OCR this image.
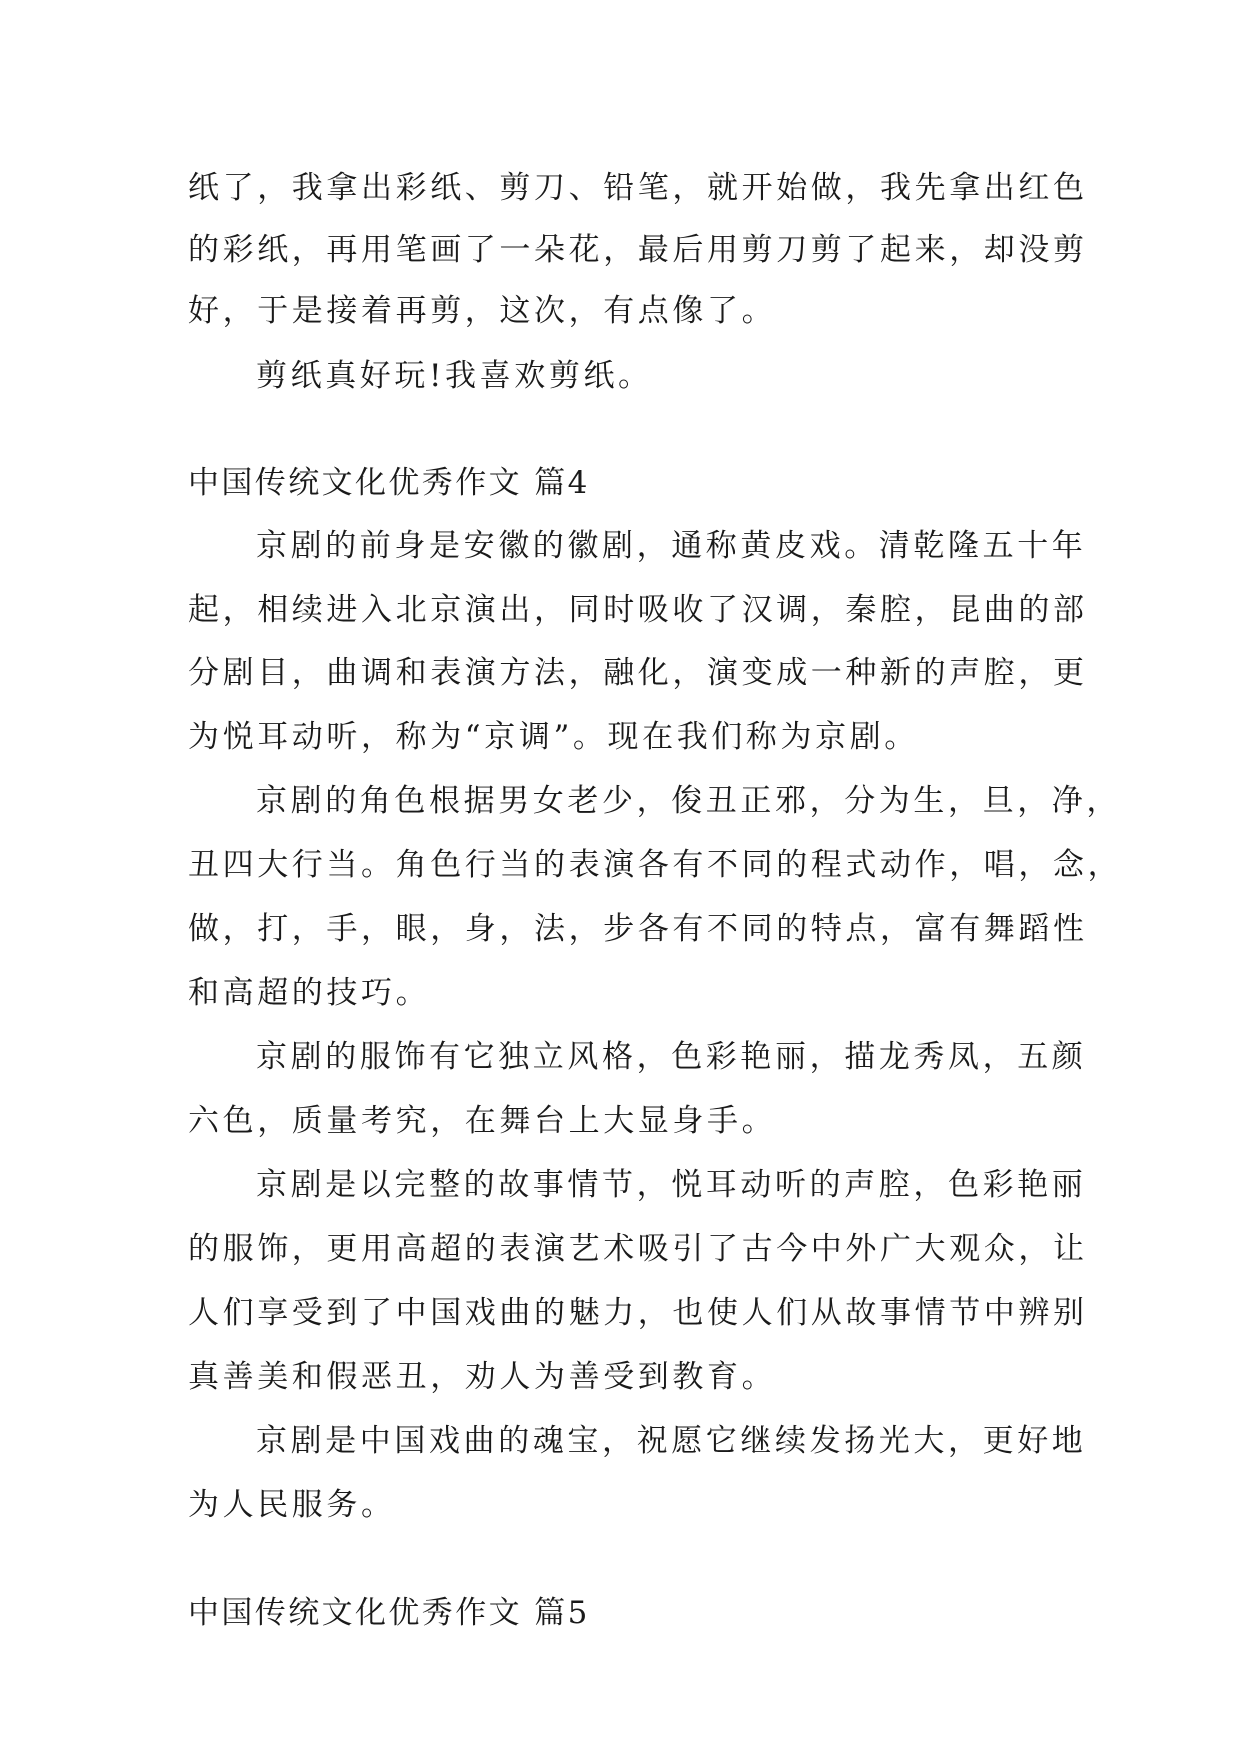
纸了，我拿出彩纸、剪刀、铅笔，就开始做，我先拿出红色
的彩纸，再用笔画了一朵花，最后用剪刀剪了起来，却没剪
好，于是接着再剪，这次，有点像了。
剪纸真好玩!我喜欢剪纸。
中国传统文化优秀作文 篇4
京剧的前身是安徽的徽剧，通称黄皮戏。清乾隆五十年
起，相续进入北京演出，同时吸收了汉调，秦腔，昆曲的部
分剧目，曲调和表演方法，融化，演变成一种新的声腔，更
为悦耳动听，称为“京调”。现在我们称为京剧。
京剧的角色根据男女老少，俊丑正邪，分为生，旦，净，
丑四大行当。角色行当的表演各有不同的程式动作，唱，念，
做，打，手，眼，身，法，步各有不同的特点，富有舞蹈性
和高超的技巧。
京剧的服饰有它独立风格，色彩艳丽，描龙秀凤，五颜
六色，质量考究，在舞台上大显身手。
京剧是以完整的故事情节，悦耳动听的声腔，色彩艳丽
的服饰，更用高超的表演艺术吸引了古今中外广大观众，让
人们享受到了中国戏曲的魅力，也使人们从故事情节中辨别
真善美和假恶丑，劝人为善受到教育。
京剧是中国戏曲的魂宝，祝愿它继续发扬光大，更好地
为人民服务。
中国传统文化优秀作文 篇5
